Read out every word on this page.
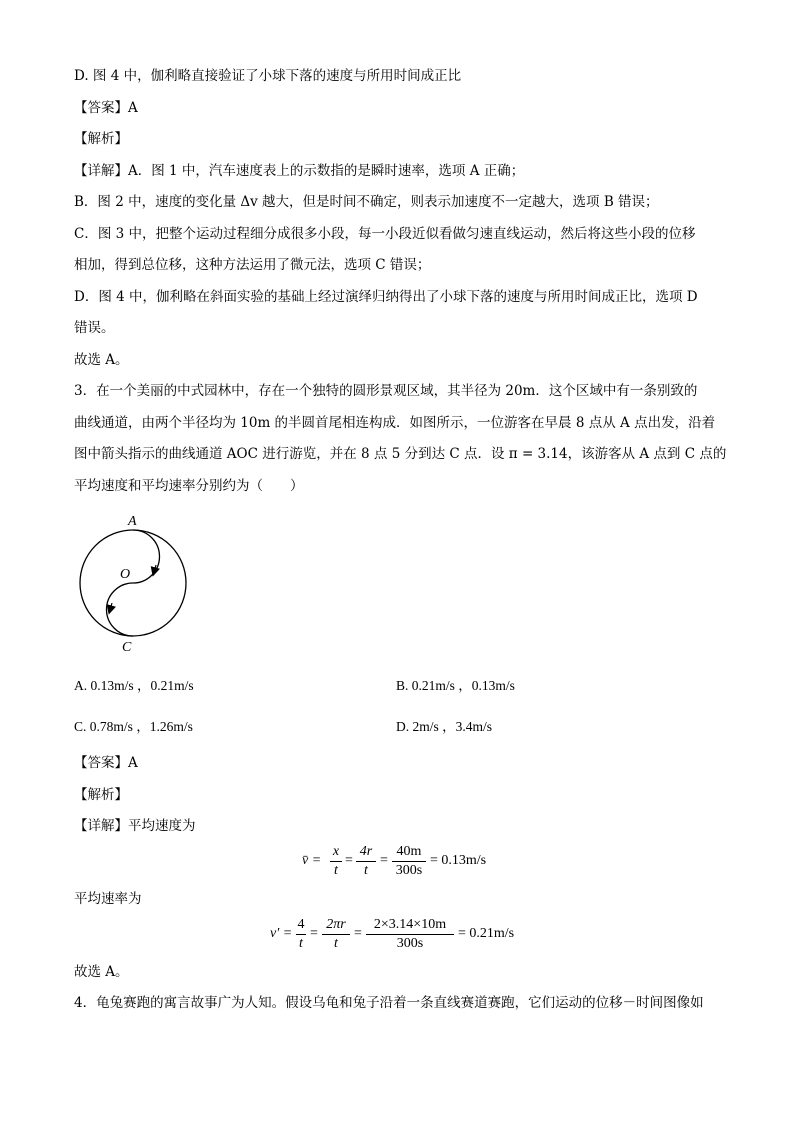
D. 图 4 中，伽利略直接验证了小球下落的速度与所用时间成正比
【答案】A
【解析】
【详解】A．图 1 中，汽车速度表上的示数指的是瞬时速率，选项 A 正确；
B．图 2 中，速度的变化量 Δv 越大，但是时间不确定，则表示加速度不一定越大，选项 B 错误；
C．图 3 中，把整个运动过程细分成很多小段，每一小段近似看做匀速直线运动，然后将这些小段的位移
相加，得到总位移，这种方法运用了微元法，选项 C 错误；
D．图 4 中，伽利略在斜面实验的基础上经过演绎归纳得出了小球下落的速度与所用时间成正比，选项 D
错误。
故选 A。
3．在一个美丽的中式园林中，存在一个独特的圆形景观区域，其半径为 20m．这个区域中有一条别致的
曲线通道，由两个半径均为 10m 的半圆首尾相连构成．如图所示，一位游客在早晨 8 点从 A 点出发，沿着
图中箭头指示的曲线通道 AOC 进行游览，并在 8 点 5 分到达 C 点．设 π = 3.14，该游客从 A 点到 C 点的
平均速度和平均速率分别约为（　　）
A
O
C
A. 0.13m/s ，0.21m/s	B. 0.21m/s ，0.13m/s
C. 0.78m/s ，1.26m/s	D. 2m/s ，3.4m/s
【答案】A
【解析】
【详解】平均速度为
v̄ =
x
t
=
4r
t
=
40m
300s
= 0.13m/s
平均速率为
v′ =
4
t
=
2πr
t
=
2×3.14×10m
300s
= 0.21m/s
故选 A。
4．龟兔赛跑的寓言故事广为人知。假设乌龟和兔子沿着一条直线赛道赛跑，它们运动的位移－时间图像如
